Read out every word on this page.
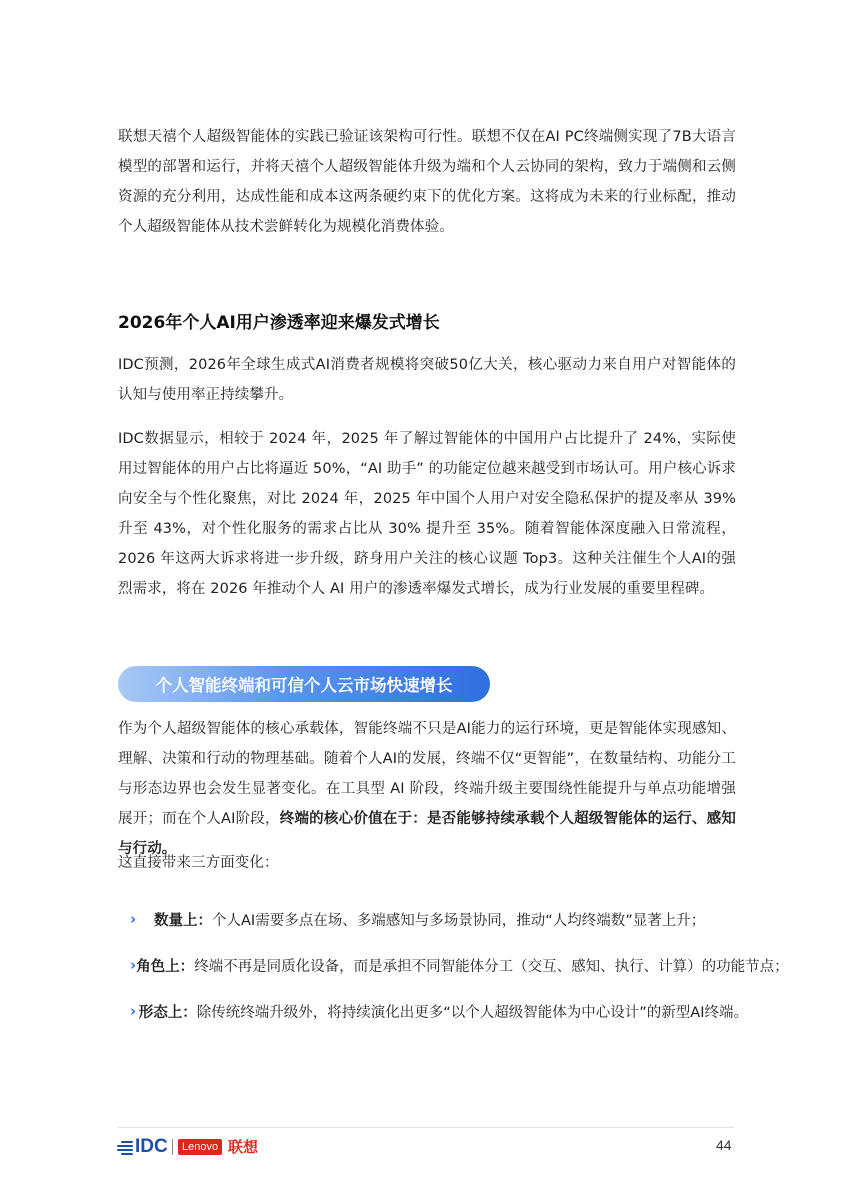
联想天禧个人超级智能体的实践已验证该架构可行性。联想不仅在AI PC终端侧实现了7B大语言模型的部署和运行，并将天禧个人超级智能体升级为端和个人云协同的架构，致力于端侧和云侧资源的充分利用，达成性能和成本这两条硬约束下的优化方案。这将成为未来的行业标配，推动个人超级智能体从技术尝鲜转化为规模化消费体验。

2026年个人AI用户渗透率迎来爆发式增长

IDC预测，2026年全球生成式AI消费者规模将突破50亿大关，核心驱动力来自用户对智能体的认知与使用率正持续攀升。

IDC数据显示，相较于 2024 年，2025 年了解过智能体的中国用户占比提升了 24%，实际使用过智能体的用户占比将逼近 50%，“AI 助手” 的功能定位越来越受到市场认可。用户核心诉求向安全与个性化聚焦，对比 2024 年，2025 年中国个人用户对安全隐私保护的提及率从 39% 升至 43%，对个性化服务的需求占比从 30% 提升至 35%。随着智能体深度融入日常流程，2026 年这两大诉求将进一步升级，跻身用户关注的核心议题 Top3。这种关注催生个人AI的强烈需求，将在 2026 年推动个人 AI 用户的渗透率爆发式增长，成为行业发展的重要里程碑。

个人智能终端和可信个人云市场快速增长

作为个人超级智能体的核心承载体，智能终端不只是AI能力的运行环境，更是智能体实现感知、理解、决策和行动的物理基础。随着个人AI的发展，终端不仅“更智能”，在数量结构、功能分工与形态边界也会发生显著变化。在工具型 AI 阶段，终端升级主要围绕性能提升与单点功能增强展开；而在个人AI阶段，终端的核心价值在于：是否能够持续承载个人超级智能体的运行、感知与行动。

这直接带来三方面变化：

›	数量上： 个人AI需要多点在场、多端感知与多场景协同，推动“人均终端数”显著上升；
› 角色上： 终端不再是同质化设备，而是承担不同智能体分工（交互、感知、执行、计算）的功能节点；
› 形态上： 除传统终端升级外，将持续演化出更多“以个人超级智能体为中心设计”的新型AI终端。
IDC	Lenovo 联想	44
